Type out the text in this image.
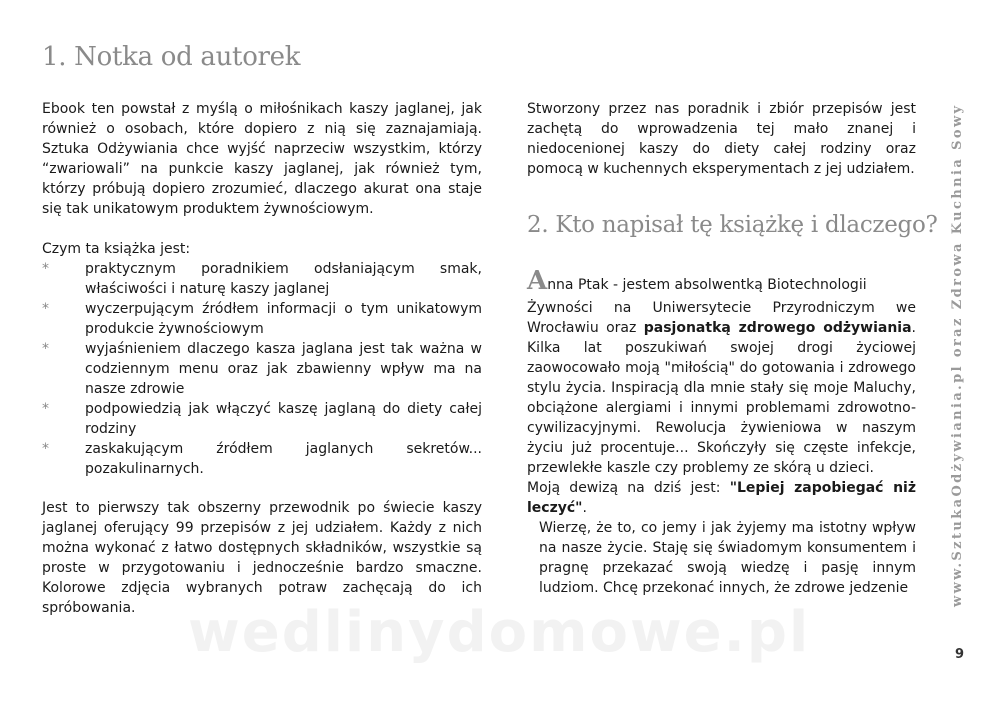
1. Notka od autorek

Ebook ten powstał z myślą o miłośnikach kaszy jaglanej, jak również o osobach, które dopiero z nią się zaznajamiają. Sztuka Odżywiania chce wyjść naprzeciw wszystkim, którzy “zwariowali” na punkcie kaszy jaglanej, jak również tym, którzy próbują dopiero zrozumieć, dlaczego akurat ona staje się tak unikatowym produktem żywnościowym.

Czym ta książka jest:

*	praktycznym poradnikiem odsłaniającym smak, właściwości i naturę kaszy jaglanej
*	wyczerpującym źródłem informacji o tym unikatowym produkcie żywnościowym
*	wyjaśnieniem dlaczego kasza jaglana jest tak ważna w codziennym menu oraz jak zbawienny wpływ ma na nasze zdrowie
*	podpowiedzią jak włączyć kaszę jaglaną do diety całej rodziny
*	zaskakującym źródłem jaglanych sekretów... pozakulinarnych.

Jest to pierwszy tak obszerny przewodnik po świecie kaszy jaglanej oferujący 99 przepisów z jej udziałem. Każdy z nich można wykonać z łatwo dostępnych składników, wszystkie są proste w przygotowaniu i jednocześnie bardzo smaczne. Kolorowe zdjęcia wybranych potraw zachęcają do ich spróbowania.

Stworzony przez nas poradnik i zbiór przepisów jest zachętą do wprowadzenia tej mało znanej i niedocenionej kaszy do diety całej rodziny oraz pomocą w kuchennych eksperymentach z jej udziałem.

2. Kto napisał tę książkę i dlaczego?
Anna Ptak - jestem absolwentką Biotechnologii
Żywności na Uniwersytecie Przyrodniczym we Wrocławiu oraz pasjonatką zdrowego odżywiania. Kilka lat poszukiwań swojej drogi życiowej zaowocowało moją "miłością" do gotowania i zdrowego stylu życia. Inspiracją dla mnie stały się moje Maluchy, obciążone alergiami i innymi problemami zdrowotno-cywilizacyjnymi. Rewolucja żywieniowa w naszym życiu już procentuje... Skończyły się częste infekcje, przewlekłe kaszle czy problemy ze skórą u dzieci.
Moją dewizą na dziś jest: "Lepiej zapobiegać niż leczyć".
Wierzę, że to, co jemy i jak żyjemy ma istotny wpływ na nasze życie. Staję się świadomym konsumentem i pragnę przekazać swoją wiedzę i pasję innym ludziom. Chcę przekonać innych, że zdrowe jedzenie	www.SztukaOdżywiania.pl oraz Zdrowa Kuchnia Sowy
9
wedlinydomowe.pl
